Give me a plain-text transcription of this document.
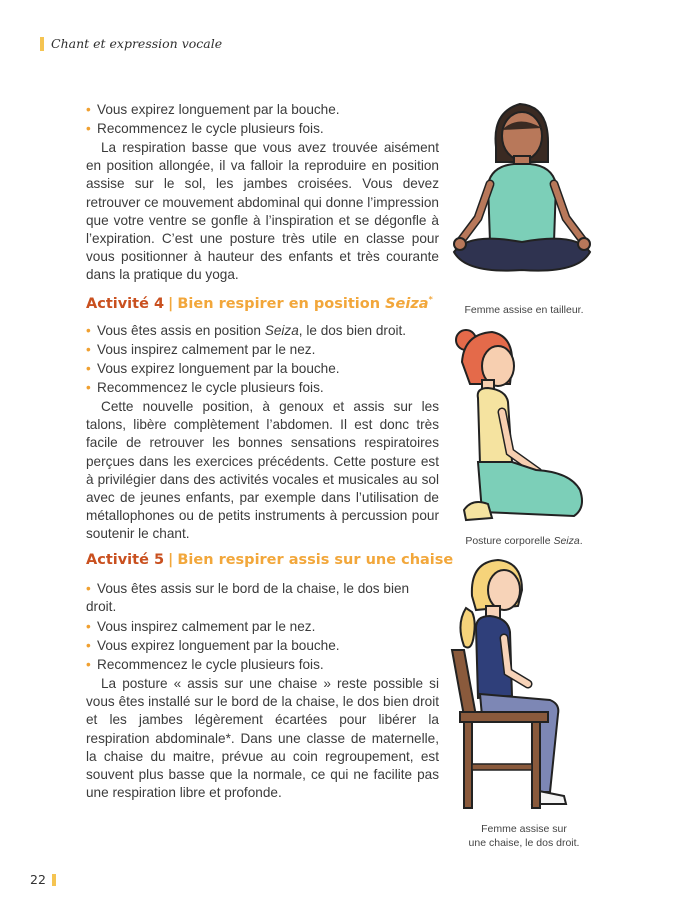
Chant et expression vocale
• Vous expirez longuement par la bouche.
• Recommencez le cycle plusieurs fois.
La respiration basse que vous avez trouvée aisément en position allongée, il va falloir la reproduire en position assise sur le sol, les jambes croisées. Vous devez retrouver ce mouvement abdominal qui donne l’impression que votre ventre se gonfle à l’inspiration et se dégonfle à l’expiration. C’est une posture très utile en classe pour vous positionner à hauteur des enfants et très courante dans la pratique du yoga.
Activité 4 | Bien respirer en position Seiza*
• Vous êtes assis en position Seiza, le dos bien droit.
• Vous inspirez calmement par le nez.
• Vous expirez longuement par la bouche.
• Recommencez le cycle plusieurs fois.
Cette nouvelle position, à genoux et assis sur les talons, libère complètement l’abdomen. Il est donc très facile de retrouver les bonnes sensations respiratoires perçues dans les exercices précédents. Cette posture est à privilégier dans des activités vocales et musicales au sol avec de jeunes enfants, par exemple dans l’utilisation de métallophones ou de petits instruments à percussion pour soutenir le chant.
Activité 5 | Bien respirer assis sur une chaise
• Vous êtes assis sur le bord de la chaise, le dos bien droit.
• Vous inspirez calmement par le nez.
• Vous expirez longuement par la bouche.
• Recommencez le cycle plusieurs fois.
La posture « assis sur une chaise » reste possible si vous êtes installé sur le bord de la chaise, le dos bien droit et les jambes légèrement écartées pour libérer la respiration abdominale*. Dans une classe de maternelle, la chaise du maitre, prévue au coin regroupement, est souvent plus basse que la normale, ce qui ne facilite pas une respiration libre et profonde.
Femme assise en tailleur.
Posture corporelle Seiza.
Femme assise sur
une chaise, le dos droit.
22
